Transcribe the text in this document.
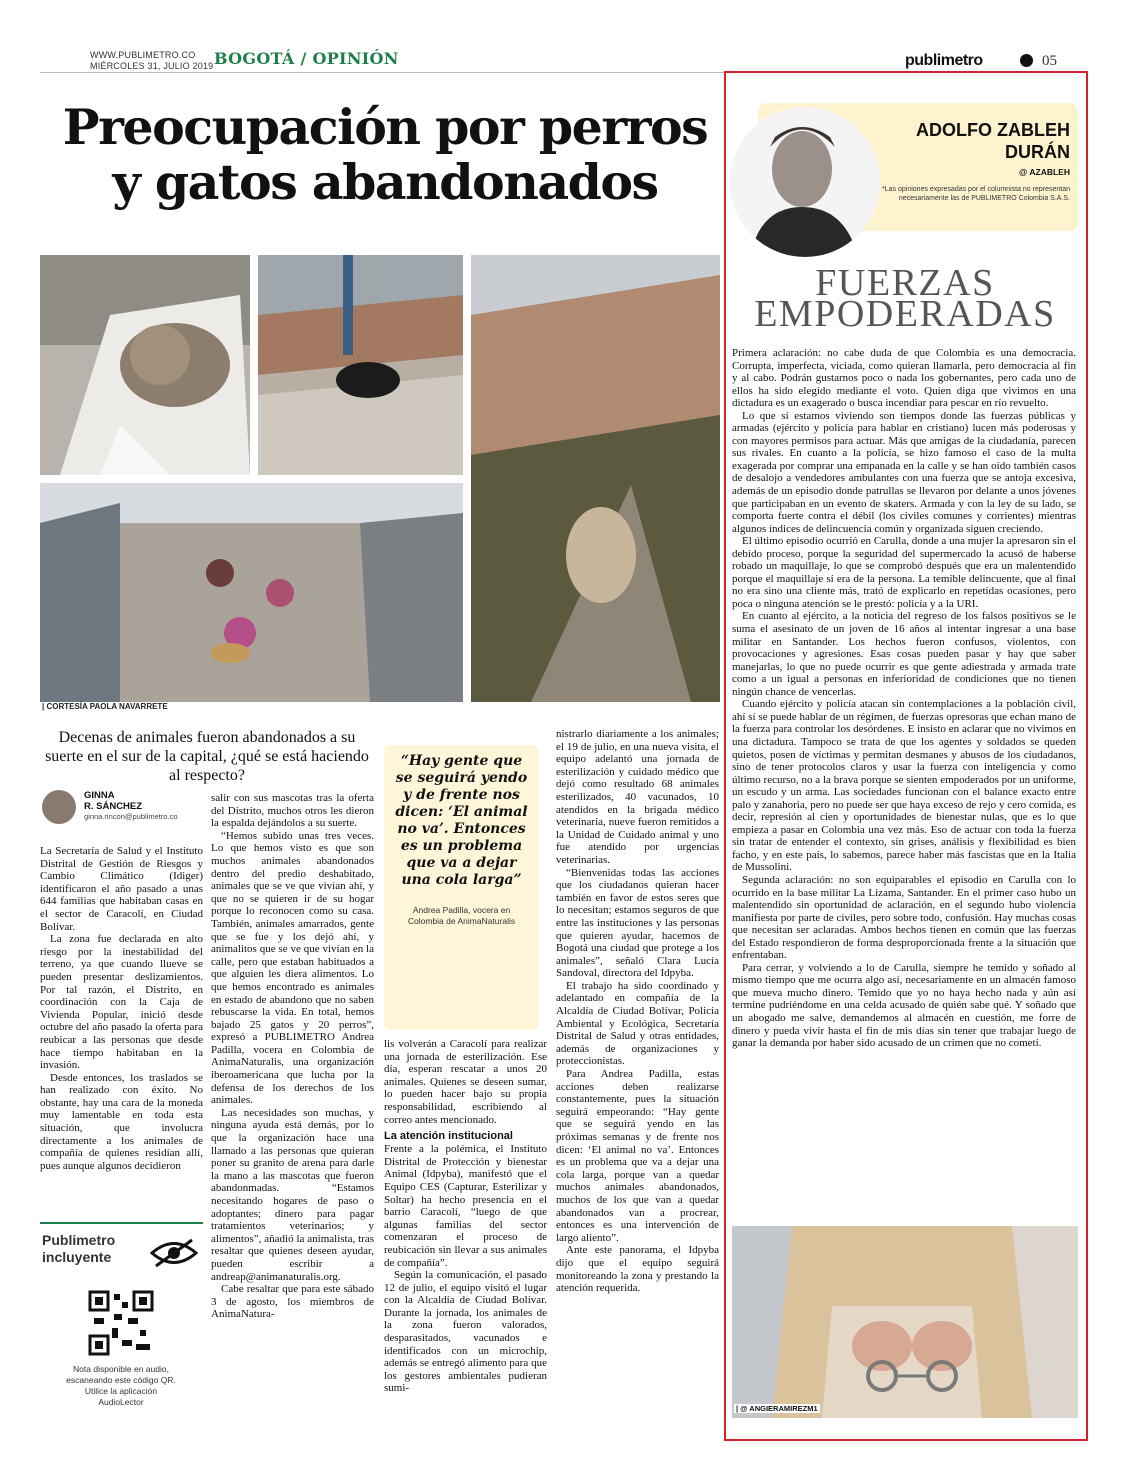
WWW.PUBLIMETRO.CO
MIÉRCOLES 31, JULIO 2019 BOGOTÁ / OPINIÓN	publimetro	05
Preocupación por perros
y gatos abandonados
| CORTESÍA PAOLA NAVARRETE
Decenas de animales fueron abandonados a su suerte en el sur de la capital, ¿qué se está haciendo al respecto?
GINNA
R. SÁNCHEZ
ginna.rincon@publimetro.co

La Secretaría de Salud y el Instituto Distrital de Gestión de Riesgos y Cambio Climático (Idiger) identificaron el año pasado a unas 644 familias que habitaban casas en el sector de Caracolí, en Ciudad Bolívar.

La zona fue declarada en alto riesgo por la inestabilidad del terreno, ya que cuando llueve se pueden presentar deslizamientos. Por tal razón, el Distrito, en coordinación con la Caja de Vivienda Popular, inició desde octubre del año pasado la oferta para reubicar a las personas que desde hace tiempo habitaban en la invasión.

Desde entonces, los traslados se han realizado con éxito. No obstante, hay una cara de la moneda muy lamentable en toda esta situación, que involucra directamente a los animales de compañía de quienes residían allí, pues aunque algunos decidieron

Publimetro
incluyente
Nota disponible en audio, escaneando este código QR. Utilice la aplicación AudioLector

salir con sus mascotas tras la oferta del Distrito, muchos otros les dieron la espalda dejándolos a su suerte.

“Hemos subido unas tres veces. Lo que hemos visto es que son muchos animales abandonados dentro del predio deshabitado, animales que se ve que vivían ahí, y que no se quieren ir de su hogar porque lo reconocen como su casa. También, animales amarrados, gente que se fue y los dejó ahí, y animalitos que se ve que vivían en la calle, pero que estaban habituados a que alguien les diera alimentos. Lo que hemos encontrado es animales en estado de abandono que no saben rebuscarse la vida. En total, hemos bajado 25 gatos y 20 perros”, expresó a PUBLIMETRO Andrea Padilla, vocera en Colombia de AnimaNaturalis, una organización iberoamericana que lucha por la defensa de los derechos de los animales.

Las necesidades son muchas, y ninguna ayuda está demás, por lo que la organización hace una llamado a las personas que quieran poner su granito de arena para darle la mano a las mascotas que fueron abandonmadas. “Estamos necesitando hogares de paso o adoptantes; dinero para pagar tratamientos veterinarios; y alimentos”, añadió la animalista, tras resaltar que quienes deseen ayudar, pueden escribir a andreap@animanaturalis.org.

Cabe resaltar que para este sábado 3 de agosto, los miembros de AnimaNatura-

“Hay gente que se seguirá yendo y de frente nos dicen: ‘El animal no va’. Entonces es un problema que va a dejar una cola larga”
Andrea Padilla, vocera en Colombia de AnimaNaturalis

lis volverán a Caracolí para realizar una jornada de esterilización. Ese día, esperan rescatar a unos 20 animales. Quienes se deseen sumar, lo pueden hacer bajo su propia responsabilidad, escribiendo al correo antes mencionado.

La atención institucional

Frente a la polémica, el Instituto Distrital de Protección y bienestar Animal (Idpyba), manifestó que el Equipo CES (Capturar, Esterilizar y Soltar) ha hecho presencia en el barrio Caracolí, “luego de que algunas familias del sector comenzaran el proceso de reubicación sin llevar a sus animales de compañía”.

Según la comunicación, el pasado 12 de julio, el equipo visitó el lugar con la Alcaldía de Ciudad Bolívar. Durante la jornada, los animales de la zona fueron valorados, desparasitados, vacunados e identificados con un microchip, además se entregó alimento para que los gestores ambientales pudieran sumi-

nistrarlo diariamente a los animales; el 19 de julio, en una nueva visita, el equipo adelantó una jornada de esterilización y cuidado médico que dejó como resultado 68 animales esterilizados, 40 vacunados, 10 atendidos en la brigada médico veterinaria, nueve fueron remitidos a la Unidad de Cuidado animal y uno fue atendido por urgencias veterinarias.

“Bienvenidas todas las acciones que los ciudadanos quieran hacer también en favor de estos seres que lo necesitan; estamos seguros de que entre las instituciones y las personas que quieren ayudar, hacemos de Bogotá una ciudad que protege a los animales”, señaló Clara Lucía Sandoval, directora del Idpyba.

El trabajo ha sido coordinado y adelantado en compañía de la Alcaldía de Ciudad Bolívar, Policía Ambiental y Ecológica, Secretaría Distrital de Salud y otras entidades, además de organizaciones y proteccionistas.

Para Andrea Padilla, estas acciones deben realizarse constantemente, pues la situación seguirá empeorando: “Hay gente que se seguirá yendo en las próximas semanas y de frente nos dicen: ‘El animal no va’. Entonces es un problema que va a dejar una cola larga, porque van a quedar muchos animales abandonados, muchos de los que van a quedar abandonados van a procrear, entonces es una intervención de largo aliento”.

Ante este panorama, el Idpyba dijo que el equipo seguirá monitoreando la zona y prestando la atención requerida.

ADOLFO ZABLEH
DURÁN
@ AZABLEH
*Las opiniones expresadas por el columnista no representan necesariamente las de PUBLIMETRO Colombia S.A.S.
FUERZAS
EMPODERADAS

Primera aclaración: no cabe duda de que Colombia es una democracia. Corrupta, imperfecta, viciada, como quieran llamarla, pero democracia al fin y al cabo. Podrán gustarnos poco o nada los gobernantes, pero cada uno de ellos ha sido elegido mediante el voto. Quien diga que vivimos en una dictadura es un exagerado o busca incendiar para pescar en río revuelto.

Lo que sí estamos viviendo son tiempos donde las fuerzas públicas y armadas (ejército y policía para hablar en cristiano) lucen más poderosas y con mayores permisos para actuar. Más que amigas de la ciudadanía, parecen sus rivales. En cuanto a la policía, se hizo famoso el caso de la multa exagerada por comprar una empanada en la calle y se han oído también casos de desalojo a vendedores ambulantes con una fuerza que se antoja excesiva, además de un episodio donde patrullas se llevaron por delante a unos jóvenes que participaban en un evento de skaters. Armada y con la ley de su lado, se comporta fuerte contra el débil (los civiles comunes y corrientes) mientras algunos índices de delincuencia común y organizada siguen creciendo.

El último episodio ocurrió en Carulla, donde a una mujer la apresaron sin el debido proceso, porque la seguridad del supermercado la acusó de haberse robado un maquillaje, lo que se comprobó después que era un malentendido porque el maquillaje sí era de la persona. La temible delincuente, que al final no era sino una cliente más, trató de explicarlo en repetidas ocasiones, pero poca o ninguna atención se le prestó: policía y a la URI.

En cuanto al ejército, a la noticia del regreso de los falsos positivos se le suma el asesinato de un joven de 16 años al intentar ingresar a una base militar en Santander. Los hechos fueron confusos, violentos, con provocaciones y agresiones. Esas cosas pueden pasar y hay que saber manejarlas, lo que no puede ocurrir es que gente adiestrada y armada trate como a un igual a personas en inferioridad de condiciones que no tienen ningún chance de vencerlas.

Cuando ejército y policía atacan sin contemplaciones a la población civil, ahí sí se puede hablar de un régimen, de fuerzas opresoras que echan mano de la fuerza para controlar los desórdenes. E insisto en aclarar que no vivimos en una dictadura. Tampoco se trata de que los agentes y soldados se queden quietos, posen de víctimas y permitan desmanes y abusos de los ciudadanos, sino de tener protocolos claros y usar la fuerza con inteligencia y como último recurso, no a la brava porque se sienten empoderados por un uniforme, un escudo y un arma. Las sociedades funcionan con el balance exacto entre palo y zanahoria, pero no puede ser que haya exceso de rejo y cero comida, es decir, represión al cien y oportunidades de bienestar nulas, que es lo que empieza a pasar en Colombia una vez más. Eso de actuar con toda la fuerza sin tratar de entender el contexto, sin grises, análisis y flexibilidad es bien facho, y en este país, lo sabemos, parece haber más fascistas que en la Italia de Mussolini.

Segunda aclaración: no son equiparables el episodio en Carulla con lo ocurrido en la base militar La Lizama, Santander. En el primer caso hubo un malentendido sin oportunidad de aclaración, en el segundo hubo violencia manifiesta por parte de civiles, pero sobre todo, confusión. Hay muchas cosas que necesitan ser aclaradas. Ambos hechos tienen en común que las fuerzas del Estado respondieron de forma desproporcionada frente a la situación que enfrentaban.

Para cerrar, y volviendo a lo de Carulla, siempre he temido y soñado al mismo tiempo que me ocurra algo así, necesariamente en un almacén famoso que mueva mucho dinero. Temido que yo no haya hecho nada y aún así termine pudriéndome en una celda acusado de quién sabe qué. Y soñado que un abogado me salve, demandemos al almacén en cuestión, me forre de dinero y pueda vivir hasta el fin de mis días sin tener que trabajar luego de ganar la demanda por haber sido acusado de un crimen que no cometí.

| @ ANGIERAMIREZM1
